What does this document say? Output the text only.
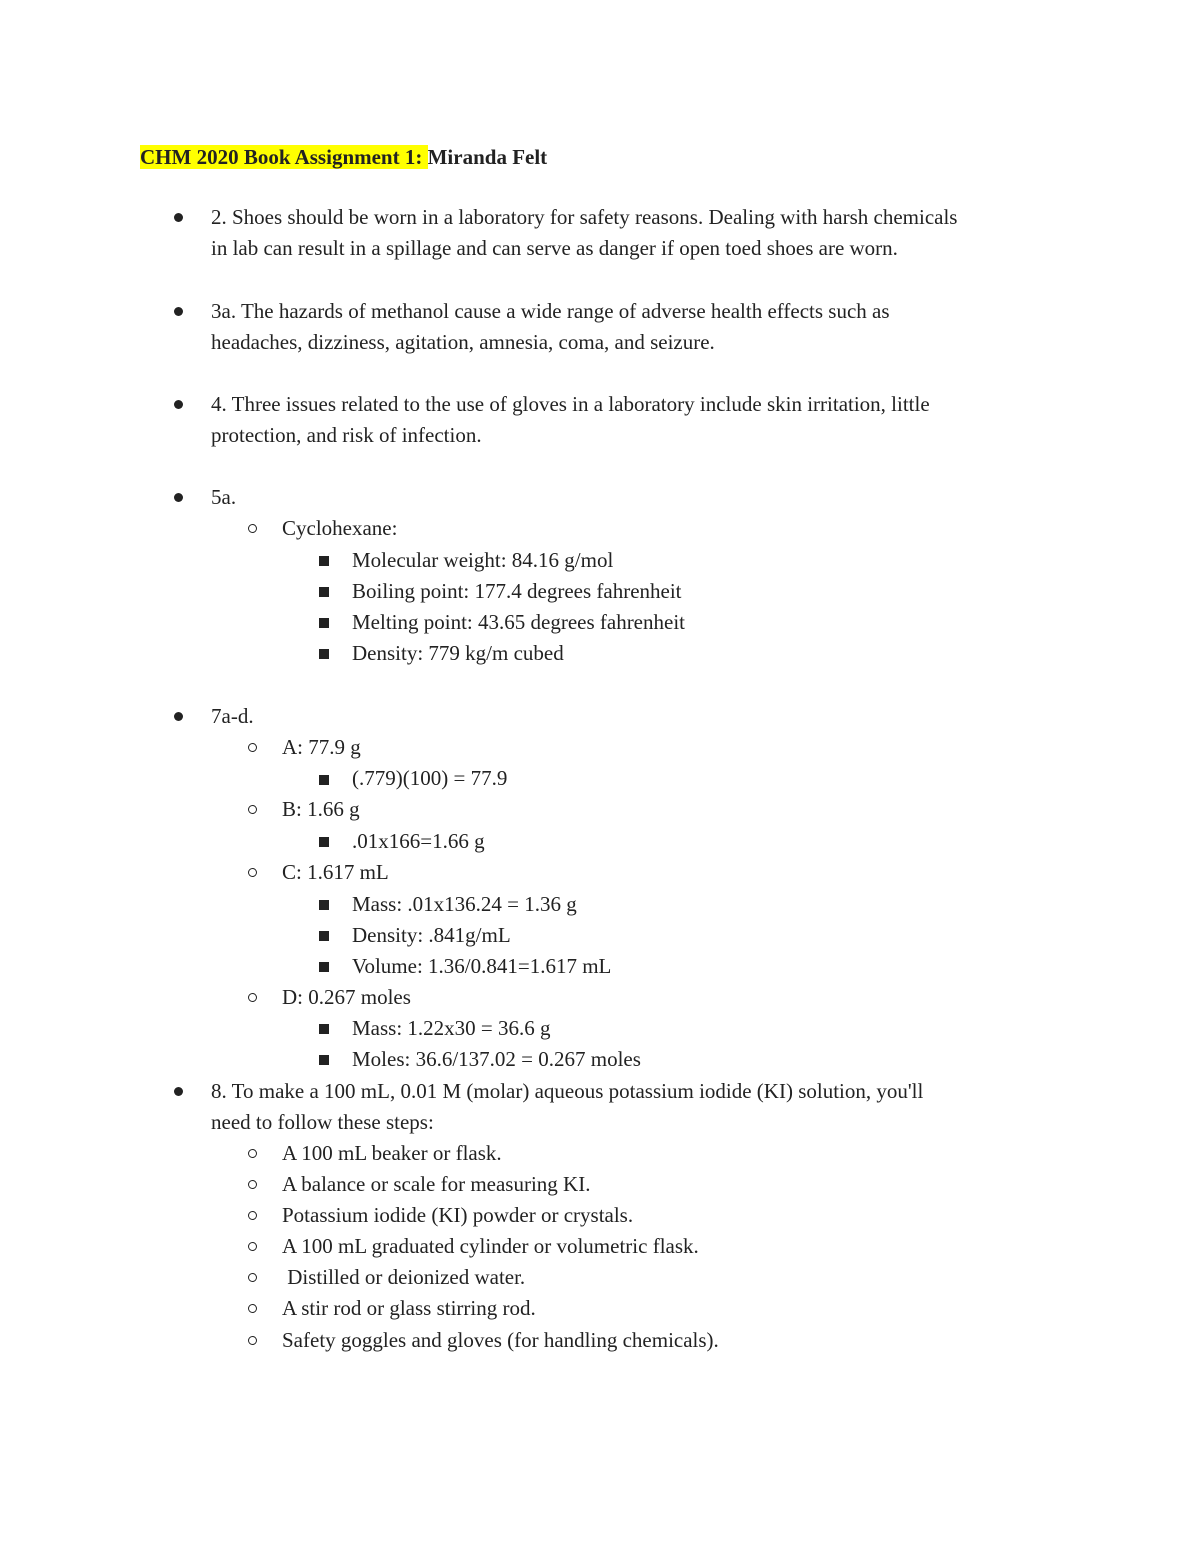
CHM 2020 Book Assignment 1: Miranda Felt
2. Shoes should be worn in a laboratory for safety reasons. Dealing with harsh chemicals
in lab can result in a spillage and can serve as danger if open toed shoes are worn.
3a. The hazards of methanol cause a wide range of adverse health effects such as
headaches, dizziness, agitation, amnesia, coma, and seizure.
4. Three issues related to the use of gloves in a laboratory include skin irritation, little
protection, and risk of infection.
5a.
Cyclohexane:
Molecular weight: 84.16 g/mol
Boiling point: 177.4 degrees fahrenheit
Melting point: 43.65 degrees fahrenheit
Density: 779 kg/m cubed
7a-d.
A: 77.9 g
(.779)(100) = 77.9
B: 1.66 g
.01x166=1.66 g
C: 1.617 mL
Mass: .01x136.24 = 1.36 g
Density: .841g/mL
Volume: 1.36/0.841=1.617 mL
D: 0.267 moles
Mass: 1.22x30 = 36.6 g
Moles: 36.6/137.02 = 0.267 moles
8. To make a 100 mL, 0.01 M (molar) aqueous potassium iodide (KI) solution, you'll
need to follow these steps:
A 100 mL beaker or flask.
A balance or scale for measuring KI.
Potassium iodide (KI) powder or crystals.
A 100 mL graduated cylinder or volumetric flask.
Distilled or deionized water.
A stir rod or glass stirring rod.
Safety goggles and gloves (for handling chemicals).
